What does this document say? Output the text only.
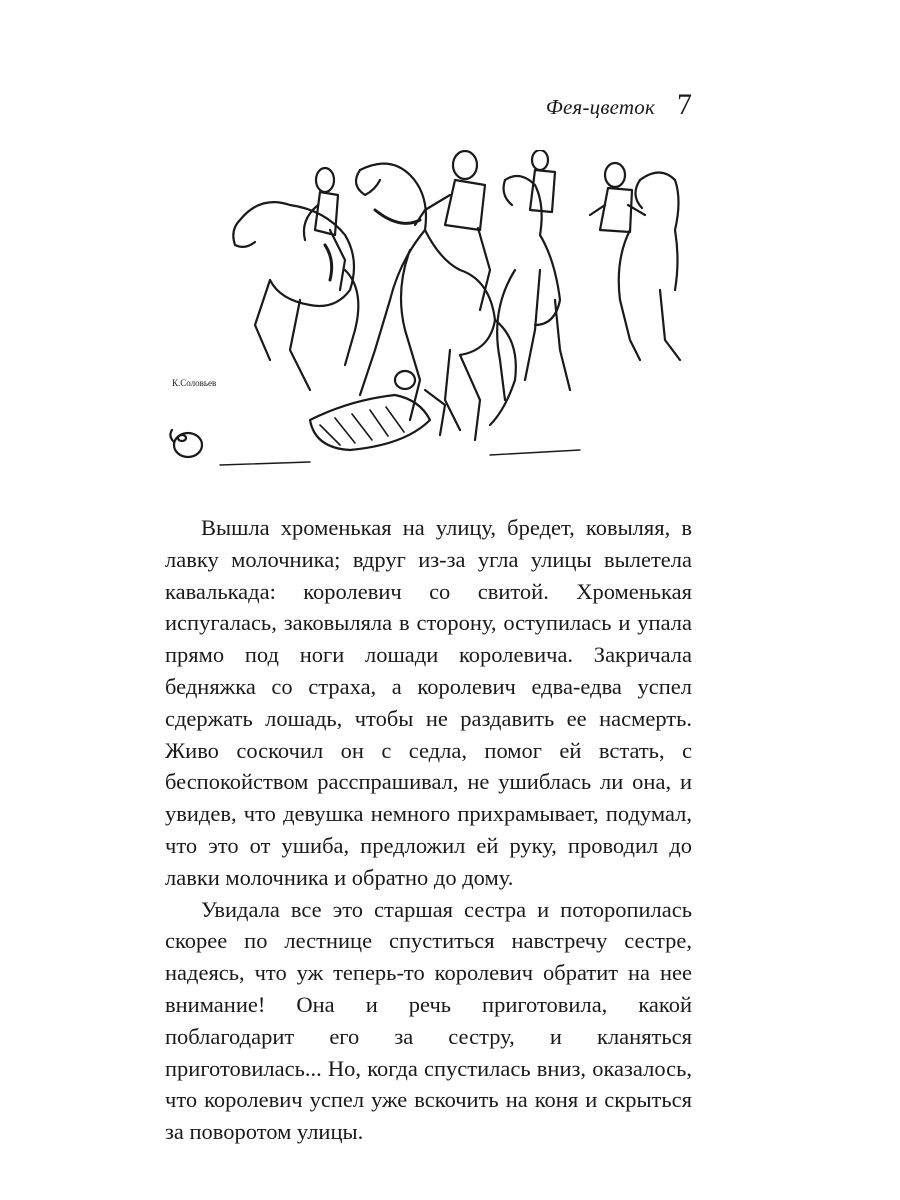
Фея-цветок 7
К.Соловьев

Вышла хроменькая на улицу, бредет, ковыляя, в лавку молочника; вдруг из-за угла улицы вылетела кавалькада: королевич со свитой. Хроменькая испугалась, заковыляла в сторону, оступилась и упала прямо под ноги лошади королевича. Закричала бедняжка со страха, а королевич едва-едва успел сдержать лошадь, чтобы не раздавить ее насмерть. Живо соскочил он с седла, помог ей встать, с беспокойством расспрашивал, не ушиблась ли она, и увидев, что девушка немного прихрамывает, подумал, что это от ушиба, предложил ей руку, проводил до лавки молочника и обратно до дому.

Увидала все это старшая сестра и поторопилась скорее по лестнице спуститься навстречу сестре, надеясь, что уж теперь-то королевич обратит на нее внимание! Она и речь приготовила, какой поблагодарит его за сестру, и кланяться приготовилась... Но, когда спустилась вниз, оказалось, что королевич успел уже вскочить на коня и скрыться за поворотом улицы.
